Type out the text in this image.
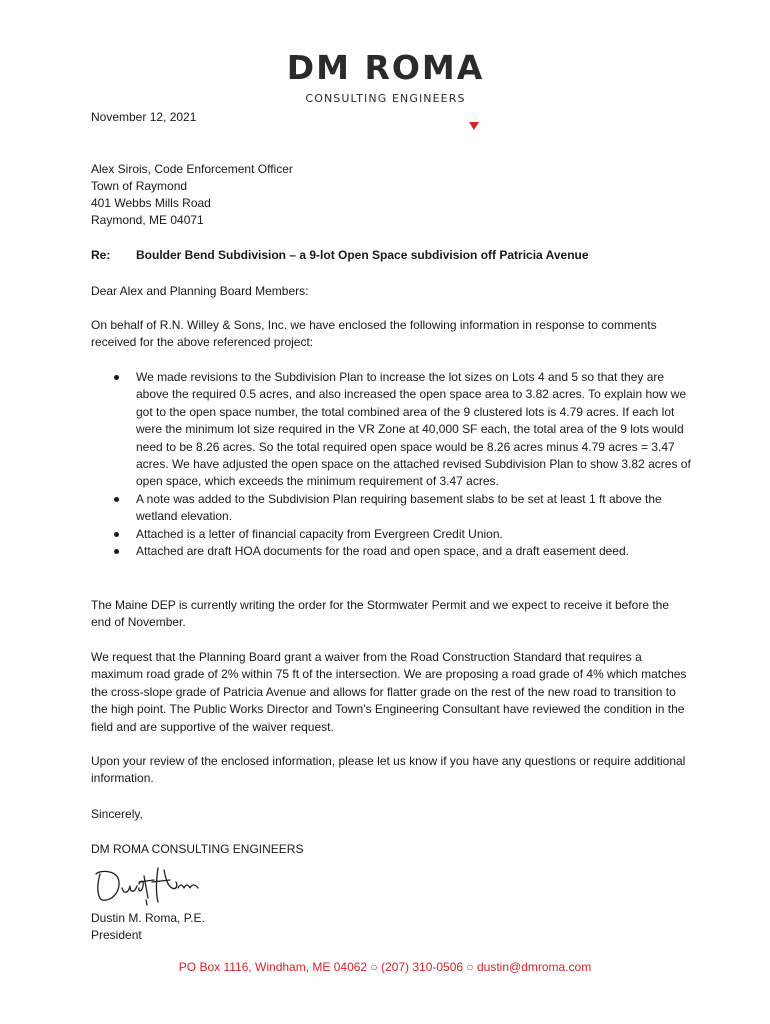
DM ROMA
CONSULTING ENGINEERS
November 12, 2021
Alex Sirois, Code Enforcement Officer
Town of Raymond
401 Webbs Mills Road
Raymond, ME 04071
Re: Boulder Bend Subdivision – a 9-lot Open Space subdivision off Patricia Avenue
Dear Alex and Planning Board Members:
On behalf of R.N. Willey & Sons, Inc. we have enclosed the following information in response to comments received for the above referenced project:
We made revisions to the Subdivision Plan to increase the lot sizes on Lots 4 and 5 so that they are above the required 0.5 acres, and also increased the open space area to 3.82 acres. To explain how we got to the open space number, the total combined area of the 9 clustered lots is 4.79 acres. If each lot were the minimum lot size required in the VR Zone at 40,000 SF each, the total area of the 9 lots would need to be 8.26 acres. So the total required open space would be 8.26 acres minus 4.79 acres = 3.47 acres. We have adjusted the open space on the attached revised Subdivision Plan to show 3.82 acres of open space, which exceeds the minimum requirement of 3.47 acres.
A note was added to the Subdivision Plan requiring basement slabs to be set at least 1 ft above the wetland elevation.
Attached is a letter of financial capacity from Evergreen Credit Union.
Attached are draft HOA documents for the road and open space, and a draft easement deed.
The Maine DEP is currently writing the order for the Stormwater Permit and we expect to receive it before the end of November.
We request that the Planning Board grant a waiver from the Road Construction Standard that requires a maximum road grade of 2% within 75 ft of the intersection. We are proposing a road grade of 4% which matches the cross-slope grade of Patricia Avenue and allows for flatter grade on the rest of the new road to transition to the high point. The Public Works Director and Town’s Engineering Consultant have reviewed the condition in the field and are supportive of the waiver request.
Upon your review of the enclosed information, please let us know if you have any questions or require additional information.
Sincerely,
DM ROMA CONSULTING ENGINEERS
Dustin M. Roma, P.E.
President
PO Box 1116, Windham, ME 04062 ○ (207) 310-0506 ○ dustin@dmroma.com
